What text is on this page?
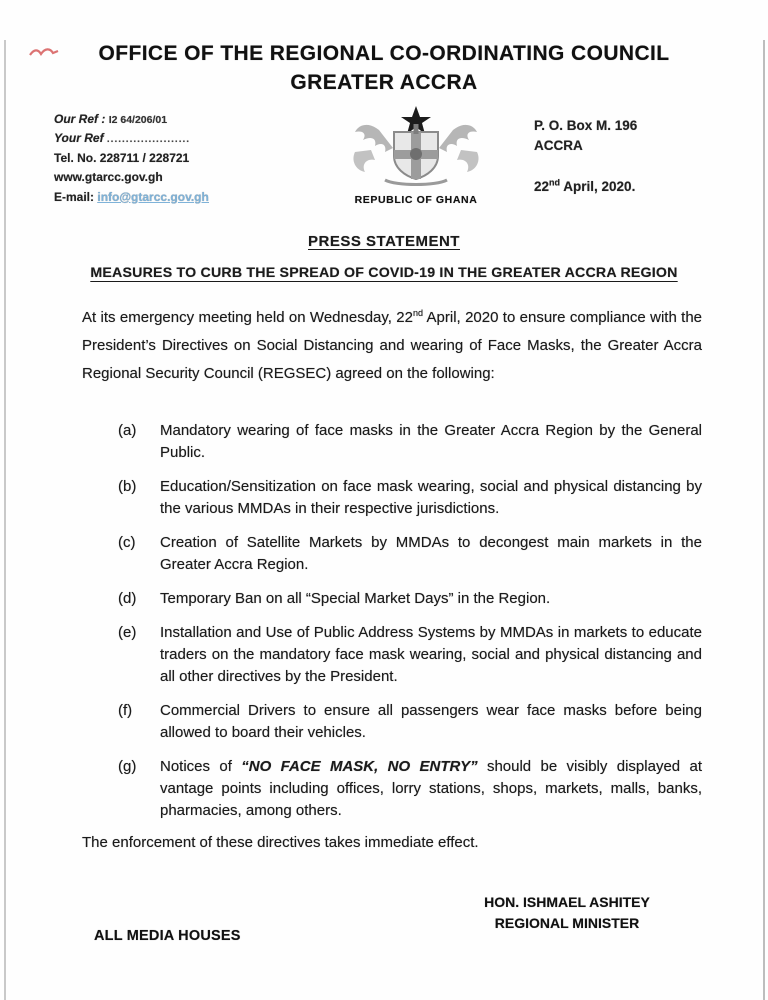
OFFICE OF THE REGIONAL CO-ORDINATING COUNCIL
GREATER ACCRA
Our Ref : I2 64/206/01
Your Ref ......................
Tel. No. 228711 / 228721
www.gtarcc.gov.gh
E-mail: info@gtarcc.gov.gh	REPUBLIC OF GHANA
P. O. Box M. 196
ACCRA
22nd April, 2020.
PRESS STATEMENT
MEASURES TO CURB THE SPREAD OF COVID-19 IN THE GREATER ACCRA REGION
At its emergency meeting held on Wednesday, 22nd April, 2020 to ensure compliance with the President’s Directives on Social Distancing and wearing of Face Masks, the Greater Accra Regional Security Council (REGSEC) agreed on the following:
(a)	Mandatory wearing of face masks in the Greater Accra Region by the General Public.
(b)	Education/Sensitization on face mask wearing, social and physical distancing by the various MMDAs in their respective jurisdictions.
(c)	Creation of Satellite Markets by MMDAs to decongest main markets in the Greater Accra Region.
(d)	Temporary Ban on all “Special Market Days” in the Region.
(e)	Installation and Use of Public Address Systems by MMDAs in markets to educate traders on the mandatory face mask wearing, social and physical distancing and all other directives by the President.
(f)	Commercial Drivers to ensure all passengers wear face masks before being allowed to board their vehicles.
(g)	Notices of “NO FACE MASK, NO ENTRY” should be visibly displayed at vantage points including offices, lorry stations, shops, markets, malls, banks, pharmacies, among others.
The enforcement of these directives takes immediate effect.
HON. ISHMAEL ASHITEY
REGIONAL MINISTER
ALL MEDIA HOUSES
